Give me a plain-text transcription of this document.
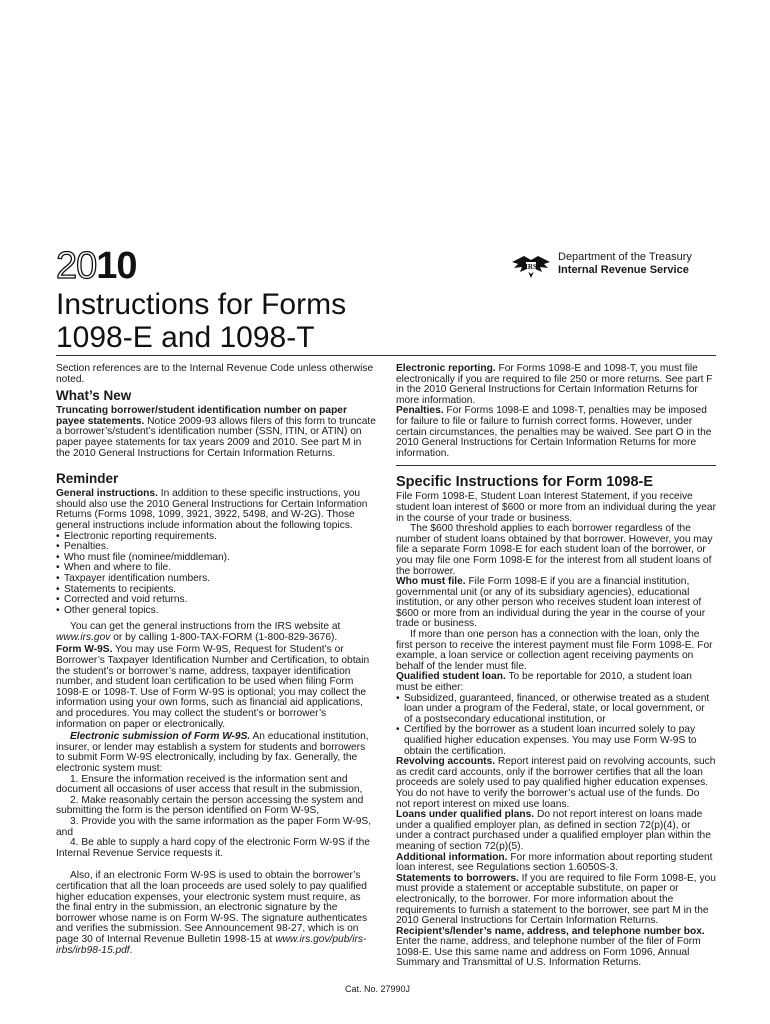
2010	IRS
Department of the Treasury
Internal Revenue Service
Instructions for Forms
1098-E and 1098-T

Section references are to the Internal Revenue Code unless otherwise noted.

What’s New

Truncating borrower/student identification number on paper payee statements. Notice 2009-93 allows filers of this form to truncate a borrower’s/student’s identification number (SSN, ITIN, or ATIN) on paper payee statements for tax years 2009 and 2010. See part M in the 2010 General Instructions for Certain Information Returns.

Reminder

General instructions. In addition to these specific instructions, you should also use the 2010 General Instructions for Certain Information Returns (Forms 1098, 1099, 3921, 3922, 5498, and W-2G). Those general instructions include information about the following topics.

• Electronic reporting requirements.
• Penalties.
• Who must file (nominee/middleman).
• When and where to file.
• Taxpayer identification numbers.
• Statements to recipients.
• Corrected and void returns.
• Other general topics.

You can get the general instructions from the IRS website at www.irs.gov or by calling 1-800-TAX-FORM (1-800-829-3676).

Form W-9S. You may use Form W-9S, Request for Student’s or Borrower’s Taxpayer Identification Number and Certification, to obtain the student’s or borrower’s name, address, taxpayer identification number, and student loan certification to be used when filing Form 1098-E or 1098-T. Use of Form W-9S is optional; you may collect the information using your own forms, such as financial aid applications, and procedures. You may collect the student’s or borrower’s information on paper or electronically.

Electronic submission of Form W-9S. An educational institution, insurer, or lender may establish a system for students and borrowers to submit Form W-9S electronically, including by fax. Generally, the electronic system must:

1. Ensure the information received is the information sent and document all occasions of user access that result in the submission,

2. Make reasonably certain the person accessing the system and submitting the form is the person identified on Form W-9S,

3. Provide you with the same information as the paper Form W-9S, and

4. Be able to supply a hard copy of the electronic Form W-9S if the Internal Revenue Service requests it.

Also, if an electronic Form W-9S is used to obtain the borrower’s certification that all the loan proceeds are used solely to pay qualified higher education expenses, your electronic system must require, as the final entry in the submission, an electronic signature by the borrower whose name is on Form W-9S. The signature authenticates and verifies the submission. See Announcement 98-27, which is on page 30 of Internal Revenue Bulletin 1998-15 at www.irs.gov/pub/irs-irbs/irb98-15.pdf.

Electronic reporting. For Forms 1098-E and 1098-T, you must file electronically if you are required to file 250 or more returns. See part F in the 2010 General Instructions for Certain Information Returns for more information.

Penalties. For Forms 1098-E and 1098-T, penalties may be imposed for failure to file or failure to furnish correct forms. However, under certain circumstances, the penalties may be waived. See part O in the 2010 General Instructions for Certain Information Returns for more information.

Specific Instructions for Form 1098-E

File Form 1098-E, Student Loan Interest Statement, if you receive student loan interest of $600 or more from an individual during the year in the course of your trade or business.

The $600 threshold applies to each borrower regardless of the number of student loans obtained by that borrower. However, you may file a separate Form 1098-E for each student loan of the borrower, or you may file one Form 1098-E for the interest from all student loans of the borrower.

Who must file. File Form 1098-E if you are a financial institution, governmental unit (or any of its subsidiary agencies), educational institution, or any other person who receives student loan interest of $600 or more from an individual during the year in the course of your trade or business.

If more than one person has a connection with the loan, only the first person to receive the interest payment must file Form 1098-E. For example, a loan service or collection agent receiving payments on behalf of the lender must file.

Qualified student loan. To be reportable for 2010, a student loan must be either:

• Subsidized, guaranteed, financed, or otherwise treated as a student loan under a program of the Federal, state, or local government, or of a postsecondary educational institution, or
• Certified by the borrower as a student loan incurred solely to pay qualified higher education expenses. You may use Form W-9S to obtain the certification.

Revolving accounts. Report interest paid on revolving accounts, such as credit card accounts, only if the borrower certifies that all the loan proceeds are solely used to pay qualified higher education expenses. You do not have to verify the borrower’s actual use of the funds. Do not report interest on mixed use loans.

Loans under qualified plans. Do not report interest on loans made under a qualified employer plan, as defined in section 72(p)(4), or under a contract purchased under a qualified employer plan within the meaning of section 72(p)(5).

Additional information. For more information about reporting student loan interest, see Regulations section 1.6050S-3.

Statements to borrowers. If you are required to file Form 1098-E, you must provide a statement or acceptable substitute, on paper or electronically, to the borrower. For more information about the requirements to furnish a statement to the borrower, see part M in the 2010 General Instructions for Certain Information Returns.

Recipient’s/lender’s name, address, and telephone number box. Enter the name, address, and telephone number of the filer of Form 1098-E. Use this same name and address on Form 1096, Annual Summary and Transmittal of U.S. Information Returns.

Cat. No. 27990J
